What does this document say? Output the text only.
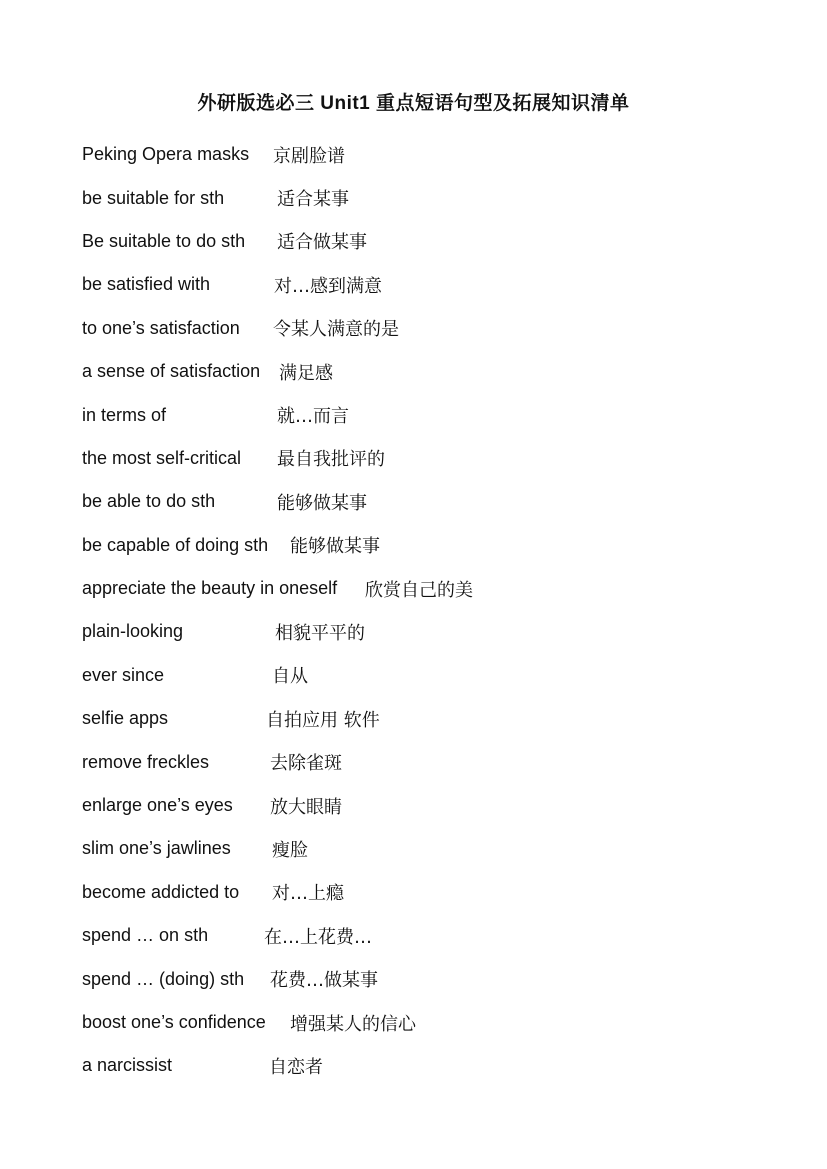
外研版选必三 Unit1 重点短语句型及拓展知识清单
Peking Opera masks	京剧脸谱
be suitable for sth	适合某事
Be suitable to do sth	适合做某事
be satisfied with	对…感到满意
to one’s satisfaction	令某人满意的是
a sense of satisfaction	满足感
in terms of	就…而言
the most self-critical	最自我批评的
be able to do sth	能够做某事
be capable of doing sth	能够做某事
appreciate the beauty in oneself	欣赏自己的美
plain-looking	相貌平平的
ever since	自从
selfie apps	自拍应用 软件
remove freckles	去除雀斑
enlarge one’s eyes	放大眼睛
slim one’s jawlines	瘦脸
become addicted to	对…上瘾
spend … on sth	在…上花费…
spend … (doing) sth	花费…做某事
boost one’s confidence	增强某人的信心
a narcissist	自恋者
